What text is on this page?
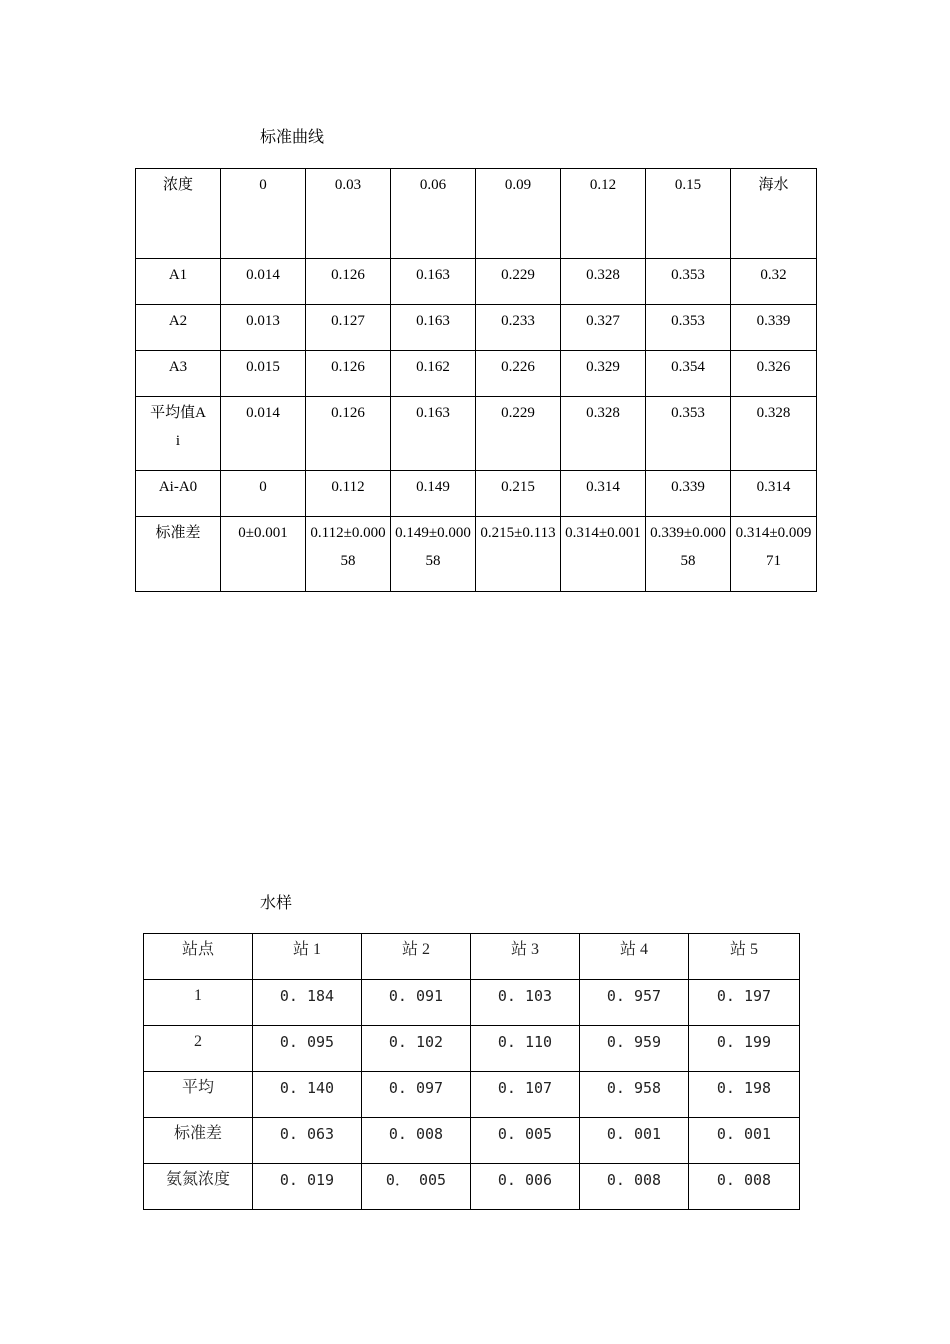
标准曲线
浓度	0	0.03	0.06	0.09	0.12	0.15	海水

A1	0.014	0.126	0.163	0.229	0.328	0.353	0.32

A2	0.013	0.127	0.163	0.233	0.327	0.353	0.339

A3	0.015	0.126	0.162	0.226	0.329	0.354	0.326

平均值Ai	0.014	0.126	0.163	0.229	0.328	0.353	0.328

Ai-A0	0	0.112	0.149	0.215	0.314	0.339	0.314

标准差	0±0.001	0.112±0.00058	0.149±0.00058	0.215±0.113	0.314±0.001	0.339±0.00058	0.314±0.00971
水样
站点	站 1	站 2	站 3	站 4	站 5
1	0. 184	0. 091	0. 103	0. 957	0. 197
2	0. 095	0. 102	0. 110	0. 959	0. 199
平均	0. 140	0. 097	0. 107	0. 958	0. 198
标准差	0. 063	0. 008	0. 005	0. 001	0. 001
氨氮浓度	0. 019	0． 005	0. 006	0. 008	0. 008
